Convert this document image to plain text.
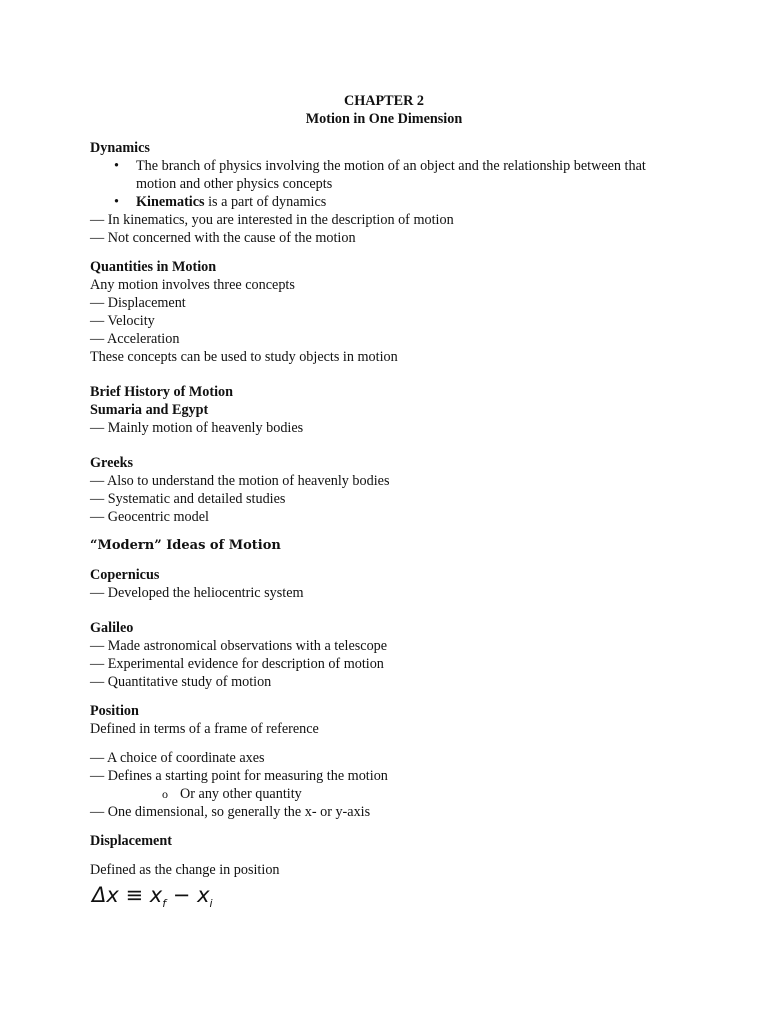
CHAPTER 2
Motion in One Dimension
Dynamics
• The branch of physics involving the motion of an object and the relationship between that
motion and other physics concepts
• Kinematics is a part of dynamics
— In kinematics, you are interested in the description of motion
— Not concerned with the cause of the motion
Quantities in Motion
Any motion involves three concepts
— Displacement
— Velocity
— Acceleration
These concepts can be used to study objects in motion
Brief History of Motion
Sumaria and Egypt
— Mainly motion of heavenly bodies
Greeks
— Also to understand the motion of heavenly bodies
— Systematic and detailed studies
— Geocentric model
“Modern” Ideas of Motion
Copernicus
— Developed the heliocentric system
Galileo
— Made astronomical observations with a telescope
— Experimental evidence for description of motion
— Quantitative study of motion
Position
Defined in terms of a frame of reference
— A choice of coordinate axes
— Defines a starting point for measuring the motion
o Or any other quantity
— One dimensional, so generally the x- or y-axis
Displacement
Defined as the change in position
$\Delta x \equiv x_f - x_i$
